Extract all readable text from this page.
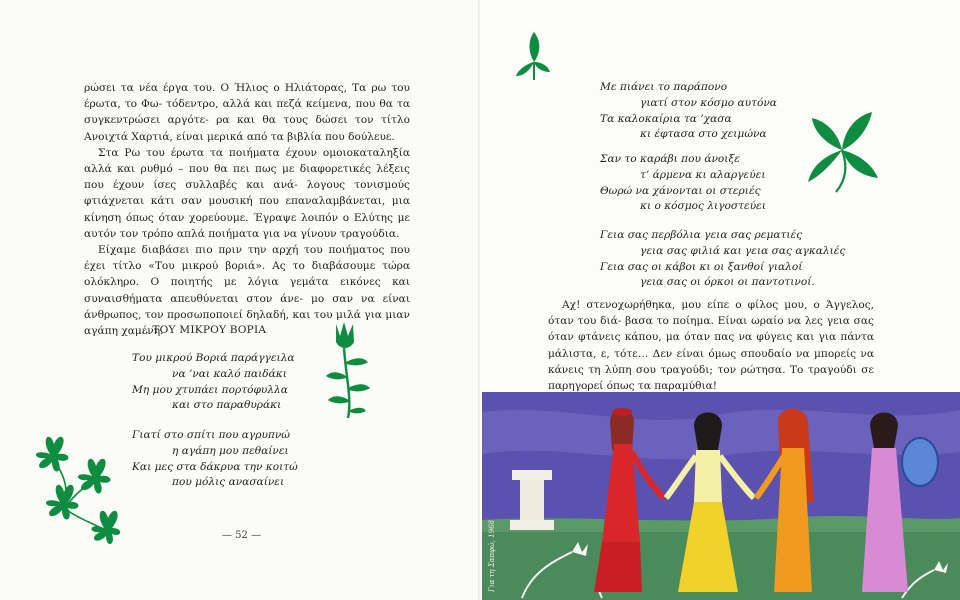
ρώσει τα νέα έργα του. Ο Ήλιος ο Ηλιάτορας, Τα ρω του έρωτα, το Φω- τόδεντρο, αλλά και πεζά κείμενα, που θα τα συγκεντρώσει αργότε- ρα και θα τους δώσει τον τίτλο Ανοιχτά Χαρτιά, είναι μερικά από τα βιβλία που δούλευε.

Στα Ρω του έρωτα τα ποιήματα έχουν ομοιοκαταληξία αλλά και ρυθμό – που θα πει πως με διαφορετικές λέξεις που έχουν ίσες συλλαβές και ανά- λογους τονισμούς φτιάχνεται κάτι σαν μουσική που επαναλαμβάνεται, μια κίνηση όπως όταν χορεύουμε. Έγραψε λοιπόν ο Ελύτης με αυτόν τον τρόπο απλά ποιήματα για να γίνουν τραγούδια.

Είχαμε διαβάσει πιο πριν την αρχή του ποιήματος που έχει τίτλο «Του μικρού βοριά». Ας το διαβάσουμε τώρα ολόκληρο. Ο ποιητής με λόγια γεμάτα εικόνες και συναισθήματα απευθύνεται στον άνε- μο σαν να είναι άνθρωπος, τον προσωποποιεί δηλαδή, και του μιλά για μιαν αγάπη χαμένη.

… ΤΟΥ ΜΙΚΡΟΥ ΒΟΡΙΑ
Του μικρού Βοριά παράγγειλα
να ’ναι καλό παιδάκι
Μη μου χτυπάει πορτόφυλλα
και στο παραθυράκι
Γιατί στο σπίτι που αγρυπνώ
η αγάπη μου πεθαίνει
Και μες στα δάκρυα την κοιτώ
που μόλις ανασαίνει
— 52 —
Με πιάνει το παράπονο
γιατί στον κόσμο αυτόνα
Τα καλοκαίρια τα ’χασα
κι έφτασα στο χειμώνα
Σαν το καράβι που άνοιξε
τ’ άρμενα κι αλαργεύει
Θωρώ να χάνονται οι στεριές
κι ο κόσμος λιγοστεύει
Γεια σας περβόλια γεια σας ρεματιές
γεια σας φιλιά και γεια σας αγκαλιές
Γεια σας οι κάβοι κι οι ξανθοί γιαλοί
γεια σας οι όρκοι οι παντοτινοί.

Αχ! στενοχωρήθηκα, μου είπε ο φίλος μου, ο Άγγελος, όταν του διά- βασα το ποίημα. Είναι ωραίο να λες γεια σας όταν φτάνεις κάπου, μα όταν πας να φύγεις και για πάντα μάλιστα, ε, τότε… Δεν είναι όμως σπουδαίο να μπορείς να κάνεις τη λύπη σου τραγούδι; τον ρώτησα. Το τραγούδι σε παρηγορεί όπως τα παραμύθια!

Για τη Σαπφώ, 1968
